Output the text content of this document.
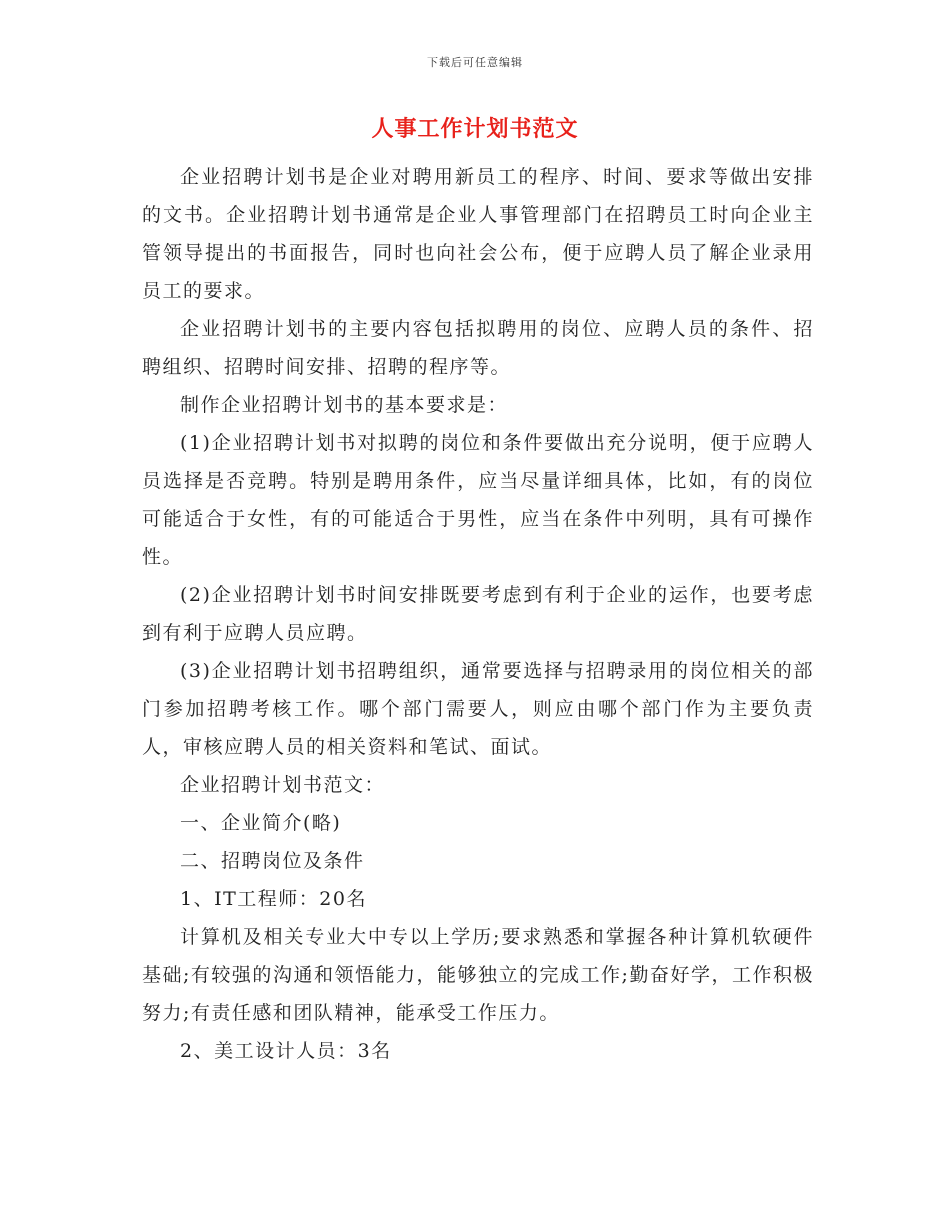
下载后可任意编辑
人事工作计划书范文

企业招聘计划书是企业对聘用新员工的程序、时间、要求等做出安排的文书。企业招聘计划书通常是企业人事管理部门在招聘员工时向企业主管领导提出的书面报告，同时也向社会公布，便于应聘人员了解企业录用员工的要求。

企业招聘计划书的主要内容包括拟聘用的岗位、应聘人员的条件、招聘组织、招聘时间安排、招聘的程序等。

制作企业招聘计划书的基本要求是：

(1)企业招聘计划书对拟聘的岗位和条件要做出充分说明，便于应聘人员选择是否竞聘。特别是聘用条件，应当尽量详细具体，比如，有的岗位可能适合于女性，有的可能适合于男性，应当在条件中列明，具有可操作性。

(2)企业招聘计划书时间安排既要考虑到有利于企业的运作，也要考虑到有利于应聘人员应聘。

(3)企业招聘计划书招聘组织，通常要选择与招聘录用的岗位相关的部门参加招聘考核工作。哪个部门需要人，则应由哪个部门作为主要负责人，审核应聘人员的相关资料和笔试、面试。

企业招聘计划书范文：

一、企业简介(略)

二、招聘岗位及条件

1、IT工程师：20名

计算机及相关专业大中专以上学历;要求熟悉和掌握各种计算机软硬件基础;有较强的沟通和领悟能力，能够独立的完成工作;勤奋好学，工作积极努力;有责任感和团队精神，能承受工作压力。

2、美工设计人员：3名
